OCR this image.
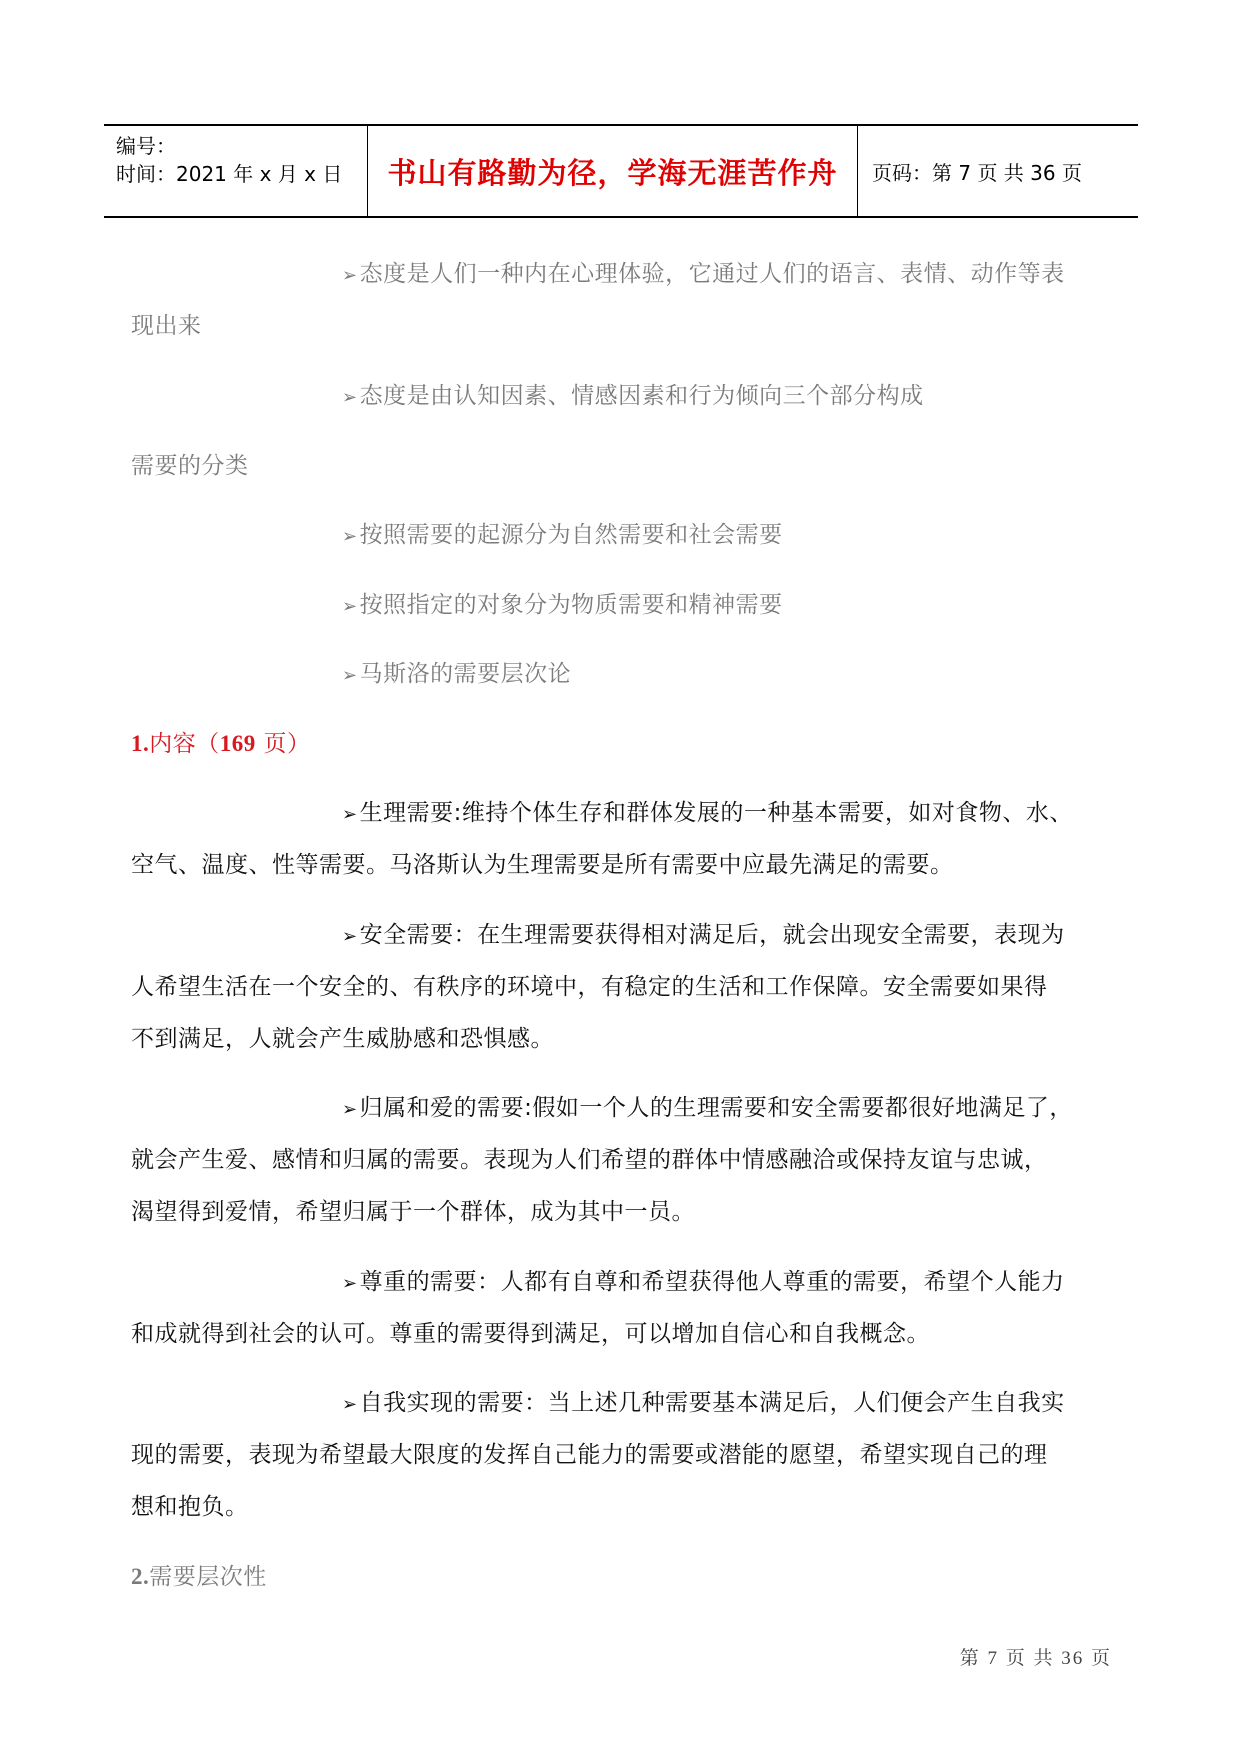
编号：
时间：2021 年 x 月 x 日	书山有路勤为径，学海无涯苦作舟 页码：第 7 页 共 36 页
➢态度是人们一种内在心理体验，它通过人们的语言、表情、动作等表
现出来
➢态度是由认知因素、情感因素和行为倾向三个部分构成
需要的分类
➢按照需要的起源分为自然需要和社会需要
➢按照指定的对象分为物质需要和精神需要
➢马斯洛的需要层次论
1.内容（169 页）
➢生理需要:维持个体生存和群体发展的一种基本需要，如对食物、水、
空气、温度、性等需要。马洛斯认为生理需要是所有需要中应最先满足的需要。
➢安全需要：在生理需要获得相对满足后，就会出现安全需要，表现为
人希望生活在一个安全的、有秩序的环境中，有稳定的生活和工作保障。安全需要如果得
不到满足，人就会产生威胁感和恐惧感。
➢归属和爱的需要:假如一个人的生理需要和安全需要都很好地满足了，
就会产生爱、感情和归属的需要。表现为人们希望的群体中情感融洽或保持友谊与忠诚，
渴望得到爱情，希望归属于一个群体，成为其中一员。
➢尊重的需要：人都有自尊和希望获得他人尊重的需要，希望个人能力
和成就得到社会的认可。尊重的需要得到满足，可以增加自信心和自我概念。
➢自我实现的需要：当上述几种需要基本满足后，人们便会产生自我实
现的需要，表现为希望最大限度的发挥自己能力的需要或潜能的愿望，希望实现自己的理
想和抱负。
2.需要层次性
第 7 页 共 36 页
